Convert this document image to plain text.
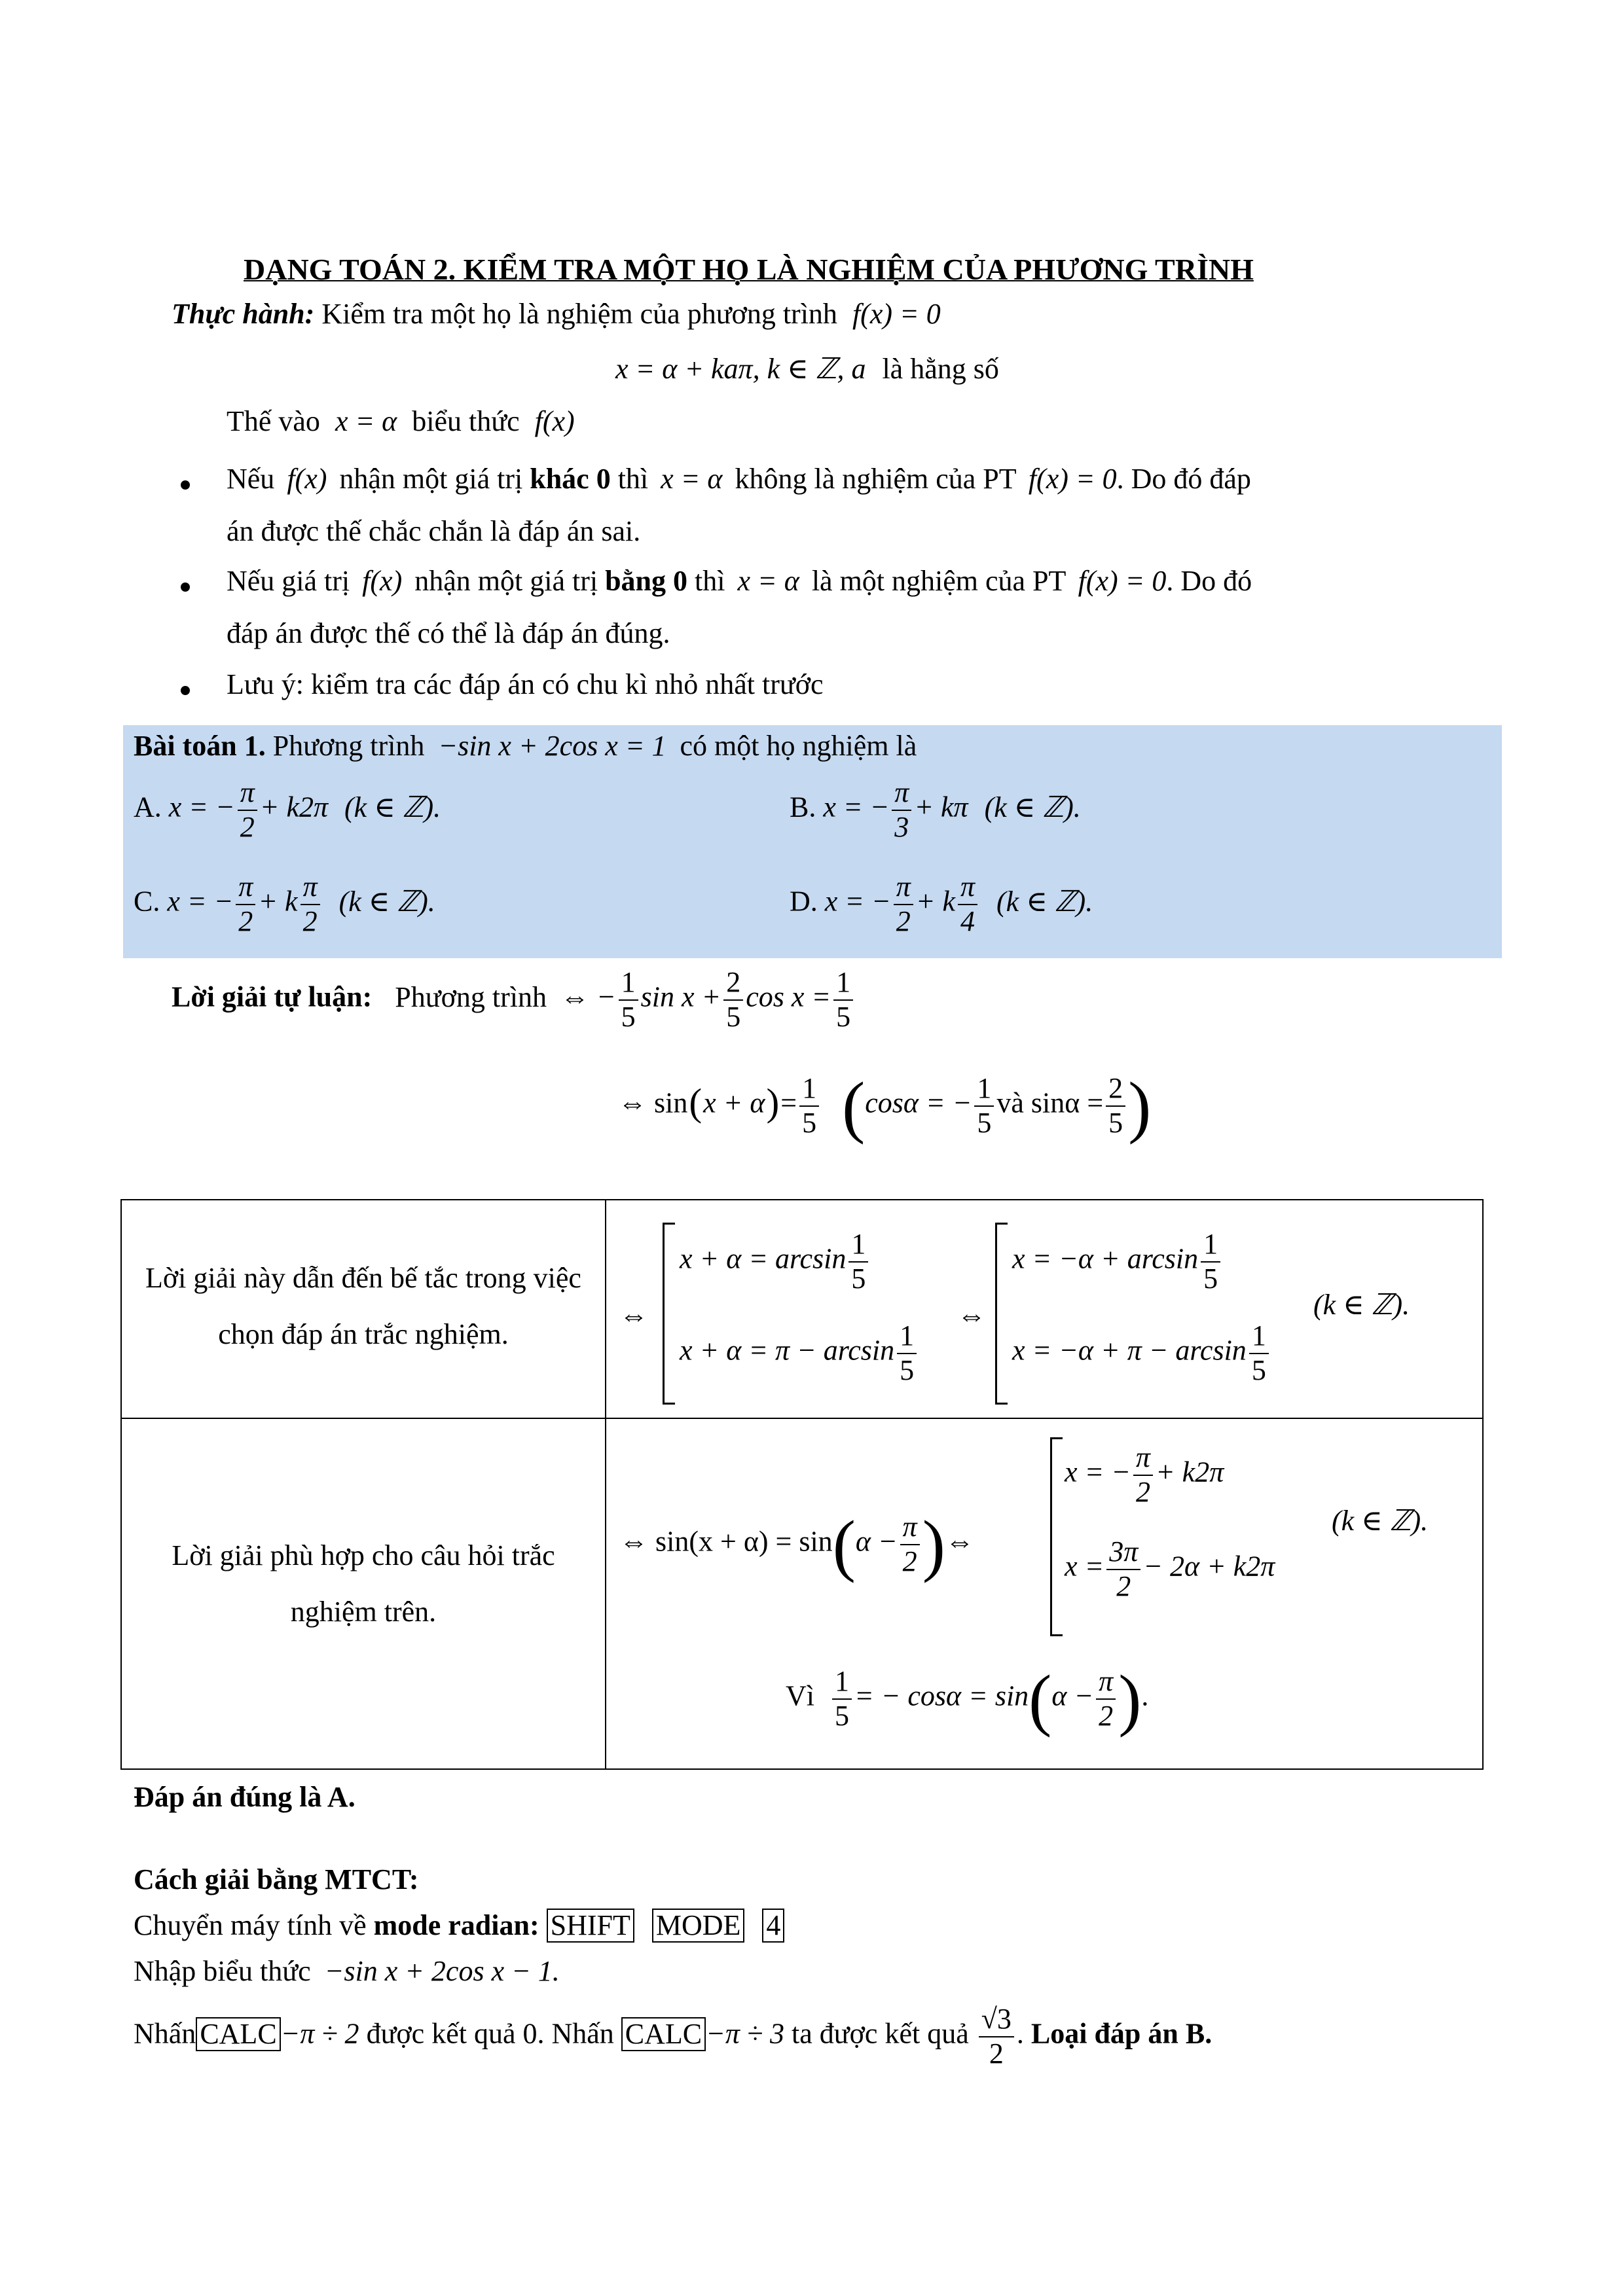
DẠNG TOÁN 2. KIỂM TRA MỘT HỌ LÀ NGHIỆM CỦA PHƯƠNG TRÌNH
Thực hành: Kiểm tra một họ là nghiệm của phương trình f(x) = 0
x = α + kaπ, k ∈ ℤ, a là hằng số
Thế vào x = α biểu thức f(x)
Nếu f(x) nhận một giá trị khác 0 thì x = α không là nghiệm của PT f(x) = 0. Do đó đáp
án được thế chắc chắn là đáp án sai.
Nếu giá trị f(x) nhận một giá trị bằng 0 thì x = α là một nghiệm của PT f(x) = 0. Do đó
đáp án được thế có thể là đáp án đúng.
Lưu ý: kiểm tra các đáp án có chu kì nhỏ nhất trước
Bài toán 1. Phương trình −sin x + 2cos x = 1 có một họ nghiệm là
A. x = − $\frac{\pi}{2} + k2\pi$ (k ∈ ℤ).	B. x = − $\frac{\pi}{3} + k\pi$ (k ∈ ℤ).
C. x = − $\frac{\pi}{2} + k \frac{\pi}{2} (k$ ∈ ℤ).	D. x = − $\frac{\pi}{2} + k \frac{\pi}{4} (k$ ∈ ℤ).
Lời giải tự luận: Phương trình ⇔ − $\frac{1}{5}$ $\sin x + \frac{2}{5}$ $\cos x = \frac{1}{5}$
⇔ $\sin(x + \alpha)= \frac{1}{5} (\cos\alpha$ = − $\frac{1}{5}$ và $\sin\alpha = \frac{2}{5}$ )
Lời giải này dẫn đến bế tắc trong việc chọn đáp án trắc nghiệm.
⇔
$x + \alpha = \arcsin \frac{1}{5}$
$x + \alpha = \pi - \arcsin \frac{1}{5}$
⇔
$x = -\alpha + \arcsin \frac{1}{5}$
$x = -\alpha + \pi - \arcsin \frac{1}{5}$
(k ∈ ℤ).
Lời giải phù hợp cho câu hỏi trắc nghiệm trên.
⇔ $\sin(x + \alpha) = \sin(\alpha - \frac{\pi}{2}$ )⇔
x = − $\frac{\pi}{2} + k2\pi$
$x = \frac{3\pi}{2} - 2\alpha + k2\pi$
(k ∈ ℤ).
Vì $\frac{1}{5}$ = − $\cos\alpha = \sin(\alpha - \frac{\pi}{2}$ ).
Đáp án đúng là A.
Cách giải bằng MTCT:
Chuyển máy tính về mode radian: SHIFT MODE 4
Nhập biểu thức −sin x + 2cos x − 1.
Nhấn CALC −π ÷ 2 được kết quả 0. Nhấn CALC −π ÷ 3 ta được kết quả $\frac{√3}{2}$ . Loại đáp án B.
